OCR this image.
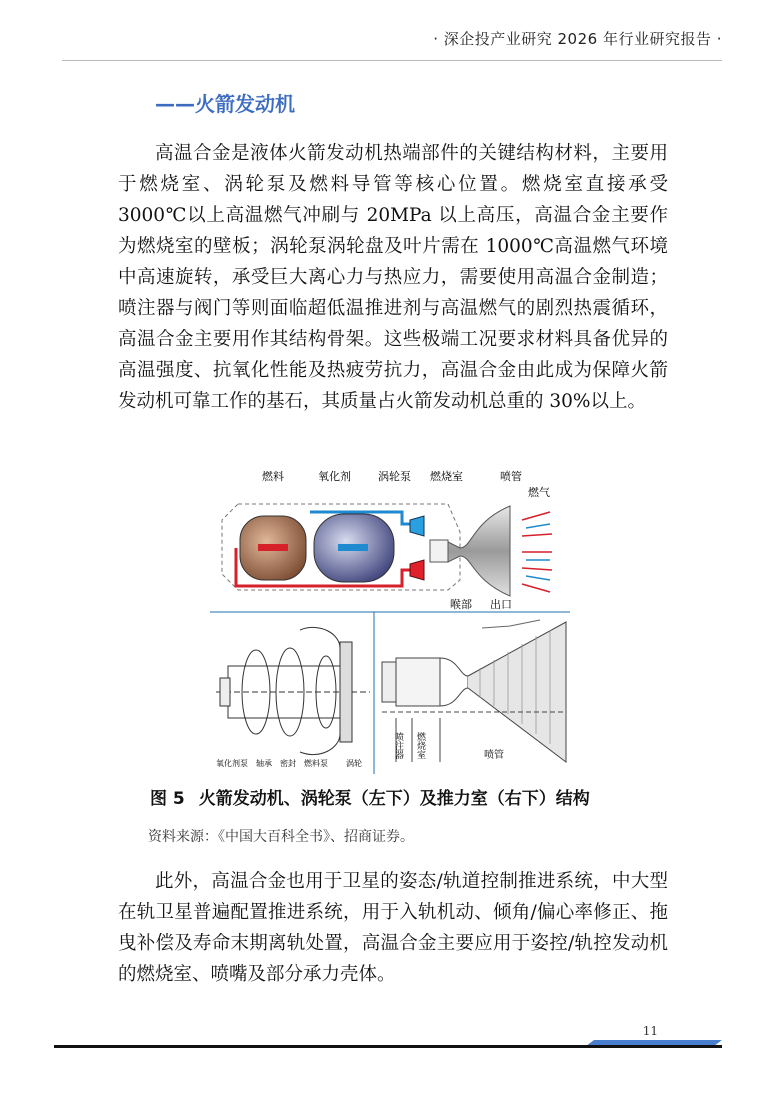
· 深企投产业研究 2026 年行业研究报告 ·
——火箭发动机

高温合金是液体火箭发动机热端部件的关键结构材料，主要用于燃烧室、涡轮泵及燃料导管等核心位置。燃烧室直接承受 3000℃以上高温燃气冲刷与 20MPa 以上高压，高温合金主要作为燃烧室的壁板；涡轮泵涡轮盘及叶片需在 1000℃高温燃气环境中高速旋转，承受巨大离心力与热应力，需要使用高温合金制造；喷注器与阀门等则面临超低温推进剂与高温燃气的剧烈热震循环，高温合金主要用作其结构骨架。这些极端工况要求材料具备优异的高温强度、抗氧化性能及热疲劳抗力，高温合金由此成为保障火箭发动机可靠工作的基石，其质量占火箭发动机总重的 30%以上。

燃料	氧化剂 涡轮泵 燃烧室	喷管
燃气
喉部 出口
氧化剂泵 轴承 密封 燃料泵 涡轮
喷注器 燃烧室	喷管
图 5 火箭发动机、涡轮泵（左下）及推力室（右下）结构
资料来源：《中国大百科全书》、招商证券。

此外，高温合金也用于卫星的姿态/轨道控制推进系统，中大型在轨卫星普遍配置推进系统，用于入轨机动、倾角/偏心率修正、拖曳补偿及寿命末期离轨处置，高温合金主要应用于姿控/轨控发动机的燃烧室、喷嘴及部分承力壳体。

11
